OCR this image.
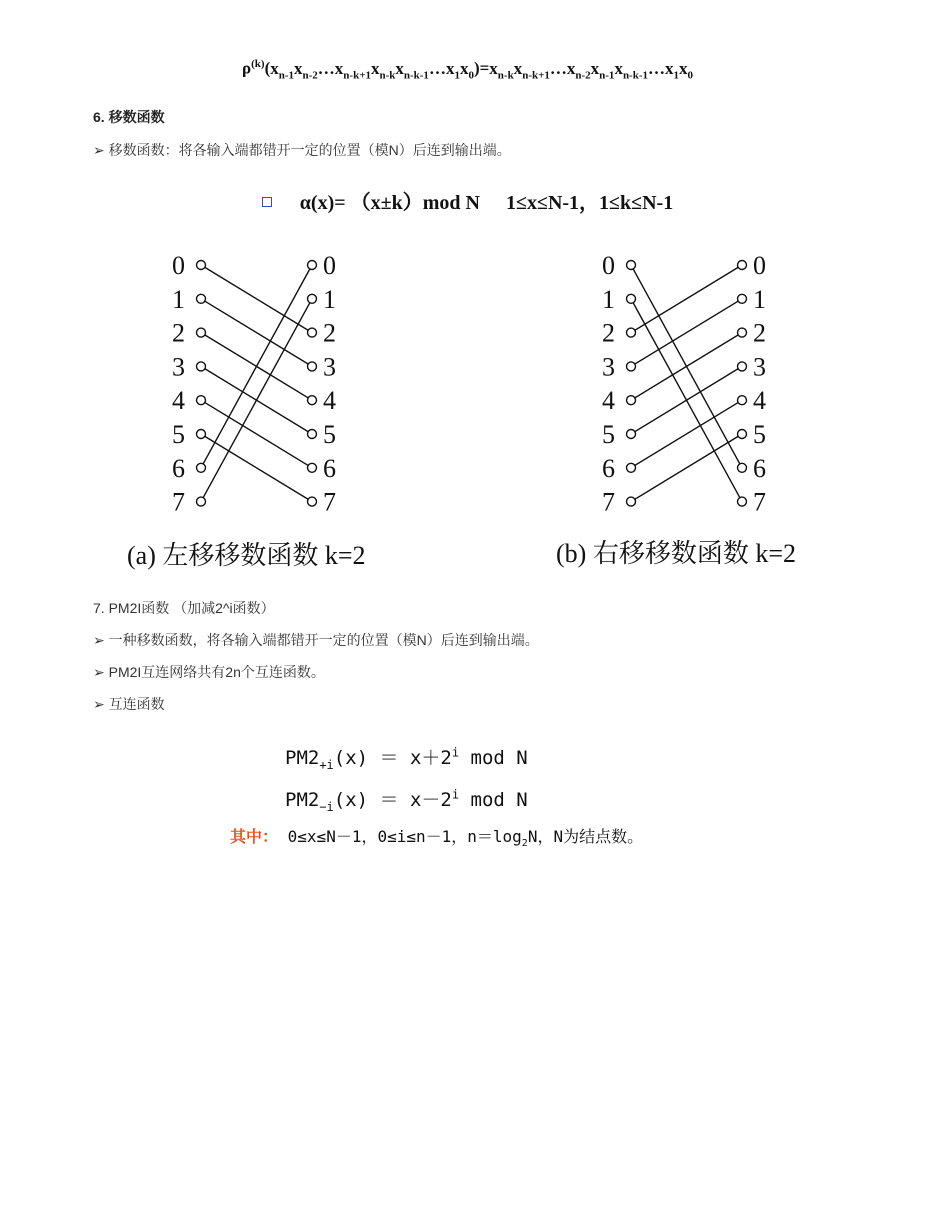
$\rho^{(k)}(x_{n-1}x_{n-2}\dots x_{n-k+1}x_{n-k}x_{n-k-1}\dots x_1x_0)=x_{n-k}x_{n-k+1}\dots x_{n-2}x_{n-1}x_{n-k-1}\dots x_1x_0$
6. 移数函数
➢ 移数函数：将各输入端都错开一定的位置（模N）后连到输出端。
α(x)= （x±k）mod N 1≤x≤N-1，1≤k≤N-1
0	0
1	1
2	2
3	3
4	4
5	5
6	6
7	7
0	0
1	1
2	2
3	3
4	4
5	5
6	6
7	7
(a) 左移移数函数 k=2	(b) 右移移数函数 k=2
7. PM2I函数 （加减2^i函数）
➢ 一种移数函数，将各输入端都错开一定的位置（模N）后连到输出端。
➢ PM2I互连网络共有2n个互连函数。
➢ 互连函数
$PM2_{+i}(x) = x+2^i$ mod N
$PM2_{-i}(x) = x-2^i$ mod N
其中： 0≤x≤N－1，0≤i≤n－1，$n=\log_2N$，N为结点数。
